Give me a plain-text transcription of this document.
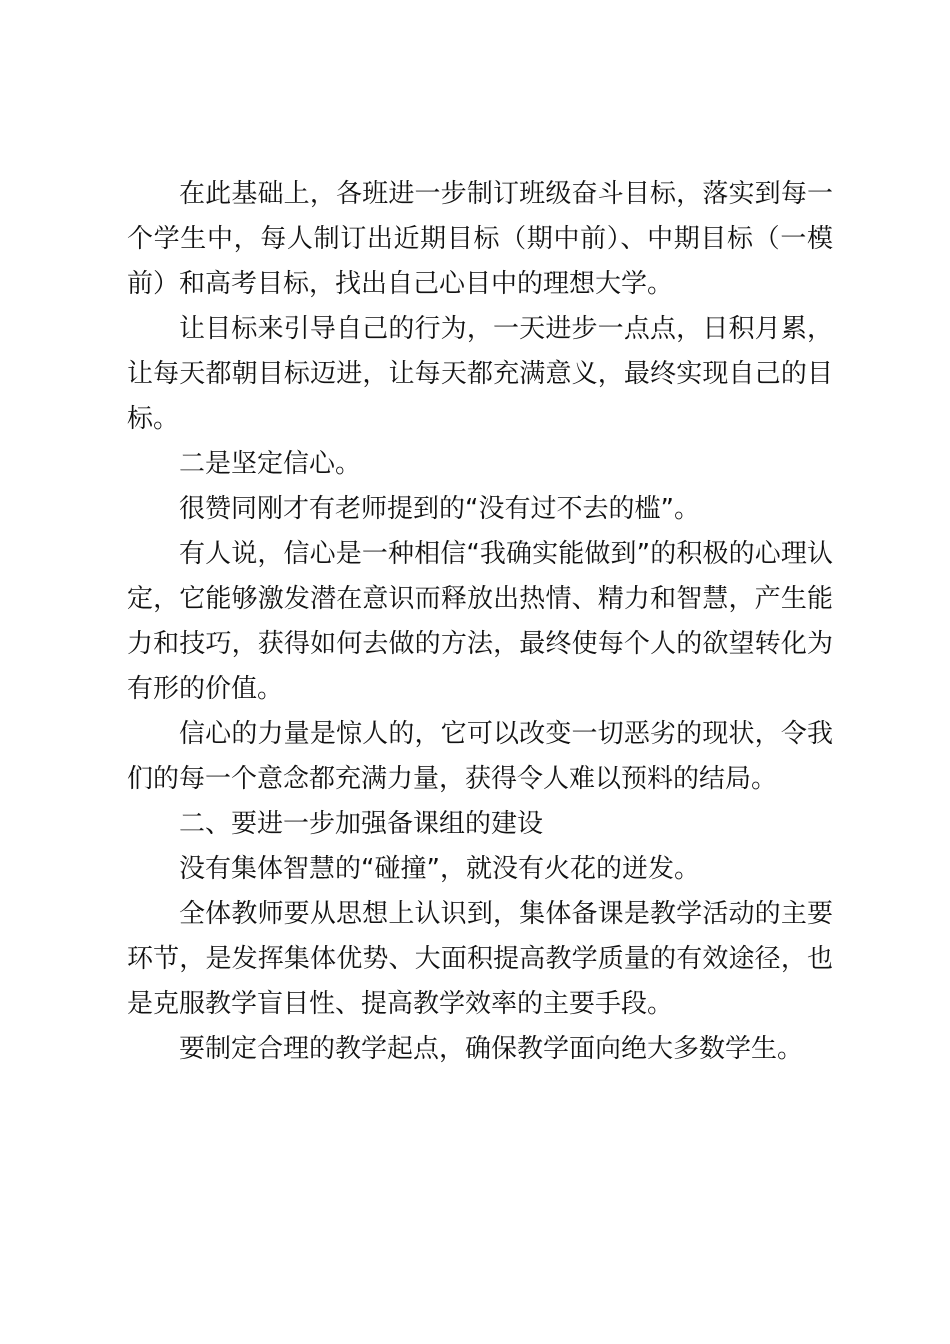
在此基础上，各班进一步制订班级奋斗目标，落实到每一个学生中，每人制订出近期目标（期中前）、中期目标（一模前）和高考目标，找出自己心目中的理想大学。

让目标来引导自己的行为，一天进步一点点，日积月累，让每天都朝目标迈进，让每天都充满意义，最终实现自己的目标。

二是坚定信心。

很赞同刚才有老师提到的“没有过不去的槛”。

有人说，信心是一种相信“我确实能做到”的积极的心理认定，它能够激发潜在意识而释放出热情、精力和智慧，产生能力和技巧，获得如何去做的方法，最终使每个人的欲望转化为有形的价值。

信心的力量是惊人的，它可以改变一切恶劣的现状，令我们的每一个意念都充满力量，获得令人难以预料的结局。

二、要进一步加强备课组的建设

没有集体智慧的“碰撞”，就没有火花的迸发。

全体教师要从思想上认识到，集体备课是教学活动的主要环节，是发挥集体优势、大面积提高教学质量的有效途径，也是克服教学盲目性、提高教学效率的主要手段。

要制定合理的教学起点，确保教学面向绝大多数学生。
